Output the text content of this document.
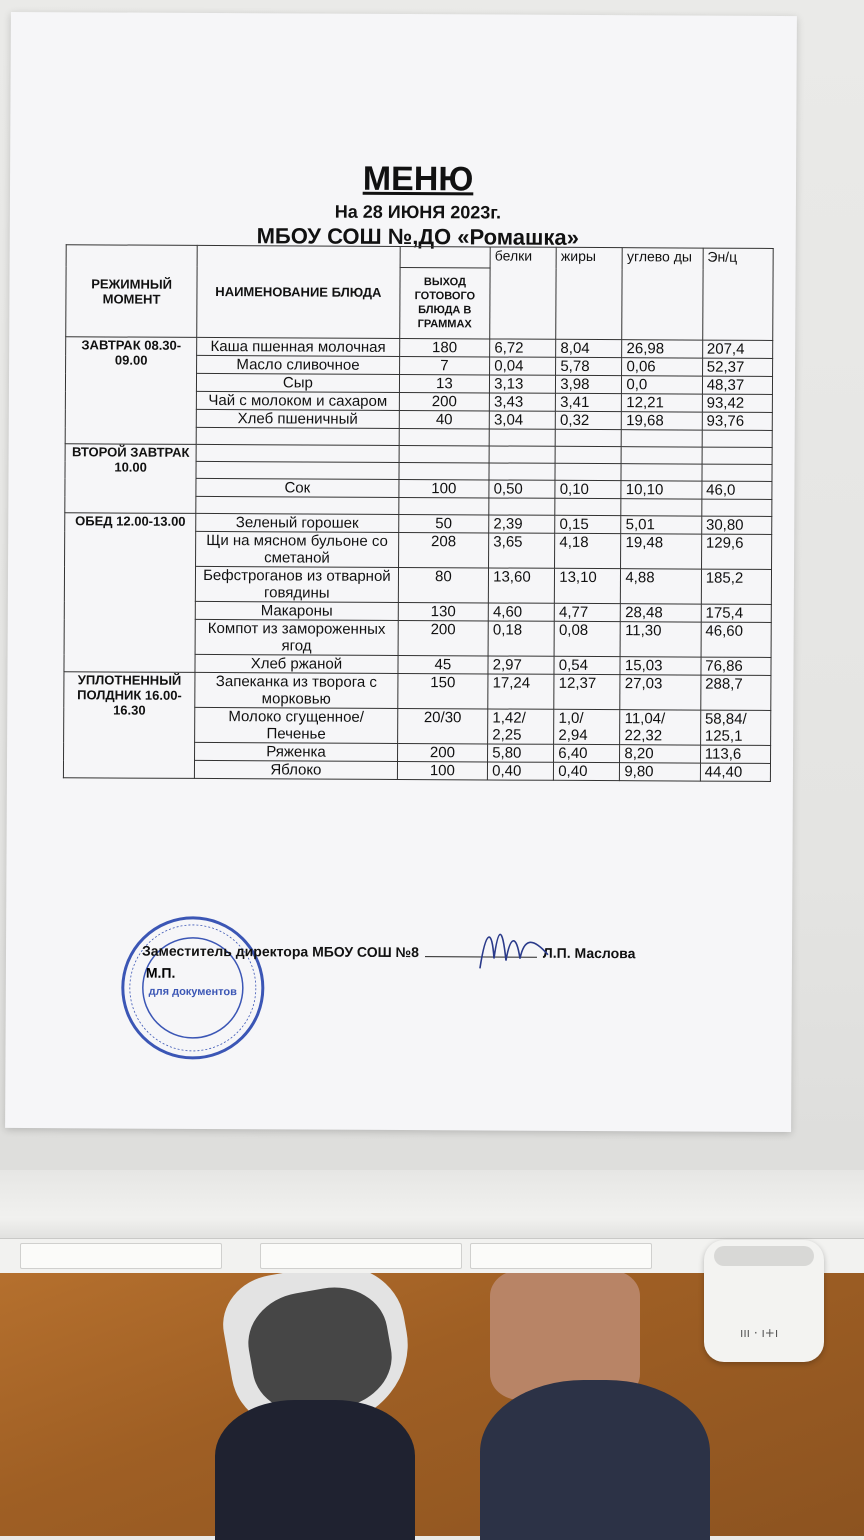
ııı · ı+ı
МЕНЮ
На 28 ИЮНЯ 2023г.
МБОУ СОШ №,ДО «Ромашка»
РЕЖИМНЫЙ МОМЕНТ	НАИМЕНОВАНИЕ БЛЮДА		белки	жиры	углево ды	Эн/ц
		ВЫХОД ГОТОВОГО БЛЮДА В ГРАММАХ				
ЗАВТРАК 08.30-09.00	Каша пшенная молочная	180	6,72	8,04	26,98	207,4
	Масло сливочное	7	0,04	5,78	0,06	52,37
	Сыр	13	3,13	3,98	0,0	48,37
	Чай с молоком и сахаром	200	3,43	3,41	12,21	93,42
	Хлеб пшеничный	40	3,04	0,32	19,68	93,76

ВТОРОЙ ЗАВТРАК 10.00						

	Сок	100	0,50	0,10	10,10	46,0

ОБЕД 12.00-13.00	Зеленый горошек	50	2,39	0,15	5,01	30,80
	Щи на мясном бульоне со сметаной	208	3,65	4,18	19,48	129,6
	Бефстроганов из отварной говядины	80	13,60	13,10	4,88	185,2
	Макароны	130	4,60	4,77	28,48	175,4
	Компот из замороженных ягод	200	0,18	0,08	11,30	46,60
	Хлеб ржаной	45	2,97	0,54	15,03	76,86
УПЛОТНЕННЫЙ ПОЛДНИК 16.00-16.30	Запеканка из творога с морковью	150	17,24	12,37	27,03	288,7
	Молоко сгущенное/Печенье	20/30	1,42/ 2,25	1,0/ 2,94	11,04/ 22,32	58,84/ 125,1
	Ряженка	200	5,80	6,40	8,20	113,6
	Яблоко	100	0,40	0,40	9,80	44,40
для документов
Заместитель директора МБОУ СОШ №8	Л.П. Маслова
М.П.
